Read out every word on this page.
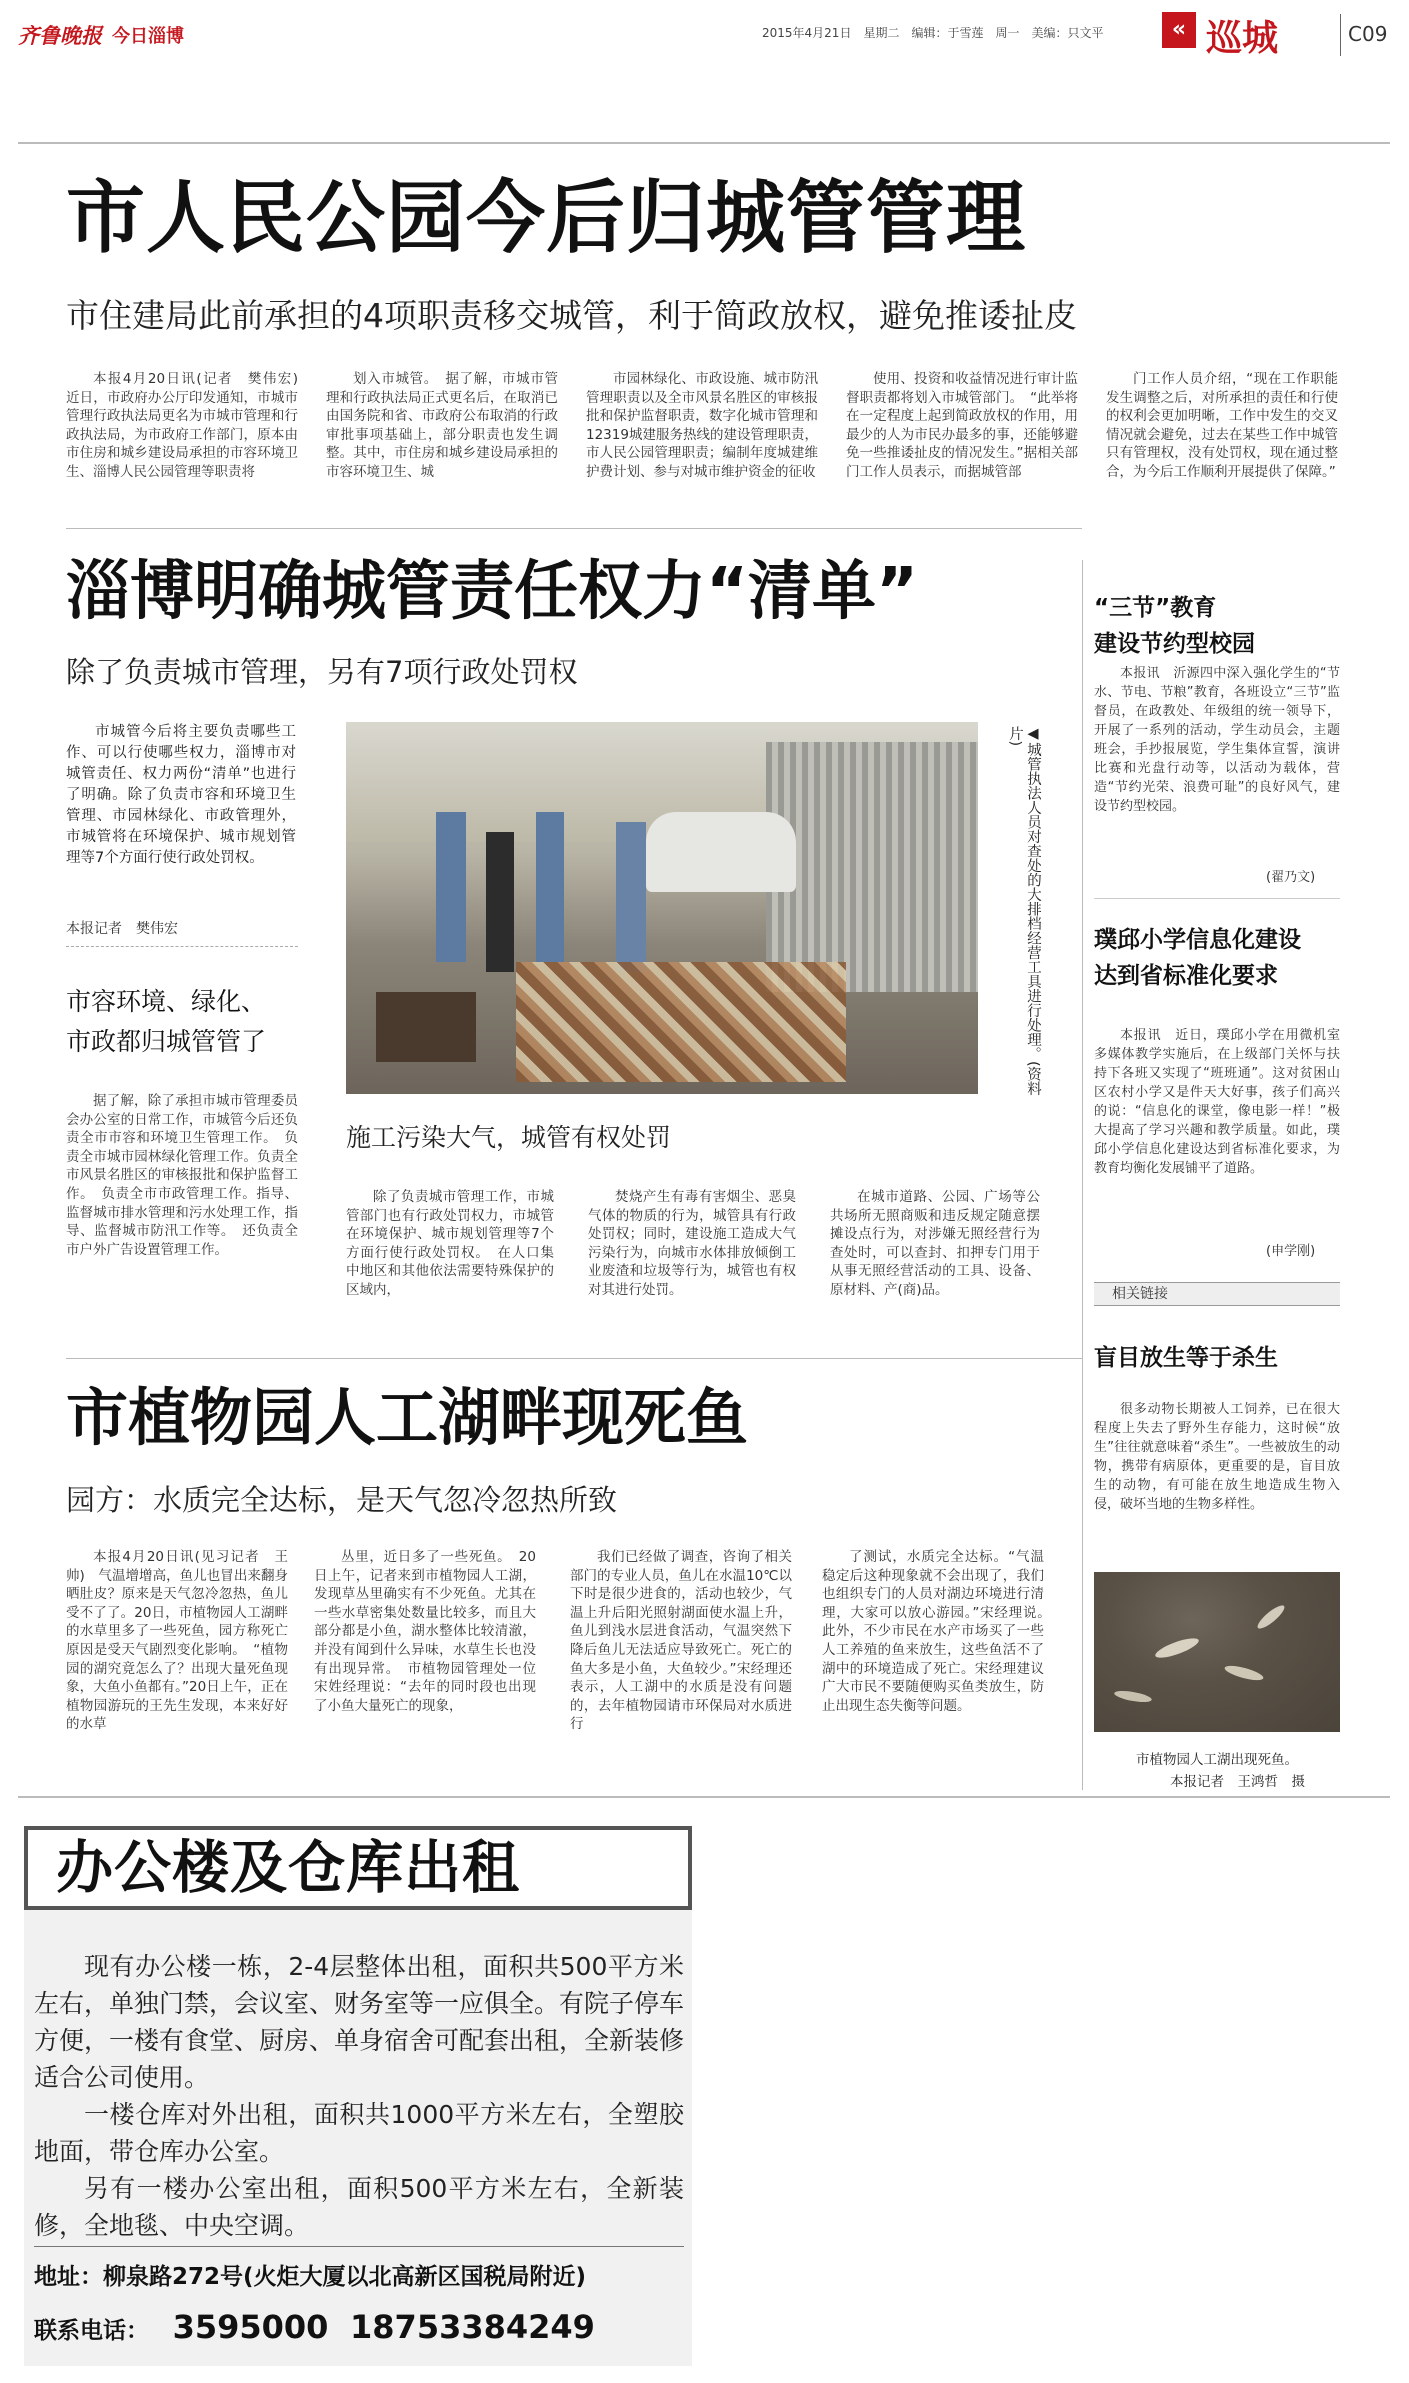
齐鲁晚报 今日淄博	2015年4月21日　星期二　编辑：于雪莲　周一　美编：只文平	« 巡城	C09
市人民公园今后归城管管理
市住建局此前承担的4项职责移交城管，利于简政放权，避免推诿扯皮

本报4月20日讯(记者　樊伟宏)　近日，市政府办公厅印发通知，市城市管理行政执法局更名为市城市管理和行政执法局，为市政府工作部门，原本由市住房和城乡建设局承担的市容环境卫生、淄博人民公园管理等职责将

划入市城管。　据了解，市城市管理和行政执法局正式更名后，在取消已由国务院和省、市政府公布取消的行政审批事项基础上，部分职责也发生调整。其中，市住房和城乡建设局承担的市容环境卫生、城

市园林绿化、市政设施、城市防汛管理职责以及全市风景名胜区的审核报批和保护监督职责，数字化城市管理和12319城建服务热线的建设管理职责，市人民公园管理职责；编制年度城建维护费计划、参与对城市维护资金的征收

使用、投资和收益情况进行审计监督职责都将划入市城管部门。　“此举将在一定程度上起到简政放权的作用，用最少的人为市民办最多的事，还能够避免一些推诿扯皮的情况发生。”据相关部门工作人员表示，而据城管部

门工作人员介绍，“现在工作职能发生调整之后，对所承担的责任和行使的权利会更加明晰，工作中发生的交叉情况就会避免，过去在某些工作中城管只有管理权，没有处罚权，现在通过整合，为今后工作顺利开展提供了保障。”

淄博明确城管责任权力“清单”
除了负责城市管理，另有7项行政处罚权

市城管今后将主要负责哪些工作、可以行使哪些权力，淄博市对城管责任、权力两份“清单”也进行了明确。除了负责市容和环境卫生管理、市园林绿化、市政管理外，市城管将在环境保护、城市规划管理等7个方面行使行政处罚权。

本报记者　樊伟宏
市容环境、绿化、
市政都归城管管了

据了解，除了承担市城市管理委员会办公室的日常工作，市城管今后还负责全市市容和环境卫生管理工作。　负责全市城市园林绿化管理工作。负责全市风景名胜区的审核报批和保护监督工作。　负责全市市政管理工作。指导、监督城市排水管理和污水处理工作，指导、监督城市防汛工作等。　还负责全市户外广告设置管理工作。

◀城管执法人员对查处的大排档经营工具进行处理。(资料片)
施工污染大气，城管有权处罚

除了负责城市管理工作，市城管部门也有行政处罚权力，市城管在环境保护、城市规划管理等7个方面行使行政处罚权。　在人口集中地区和其他依法需要特殊保护的区域内，

焚烧产生有毒有害烟尘、恶臭气体的物质的行为，城管具有行政处罚权；同时，建设施工造成大气污染行为，向城市水体排放倾倒工业废渣和垃圾等行为，城管也有权对其进行处罚。

在城市道路、公园、广场等公共场所无照商贩和违反规定随意摆摊设点行为，对涉嫌无照经营行为查处时，可以查封、扣押专门用于从事无照经营活动的工具、设备、原材料、产(商)品。

市植物园人工湖畔现死鱼
园方：水质完全达标，是天气忽冷忽热所致

本报4月20日讯(见习记者　王帅)　气温增增高，鱼儿也冒出来翻身晒肚皮？原来是天气忽冷忽热，鱼儿受不了了。20日，市植物园人工湖畔的水草里多了一些死鱼，园方称死亡原因是受天气剧烈变化影响。　“植物园的湖究竟怎么了？出现大量死鱼现象，大鱼小鱼都有。”20日上午，正在植物园游玩的王先生发现，本来好好的水草

丛里，近日多了一些死鱼。　20日上午，记者来到市植物园人工湖，发现草丛里确实有不少死鱼。尤其在一些水草密集处数量比较多，而且大部分都是小鱼，湖水整体比较清澈，并没有闻到什么异味，水草生长也没有出现异常。　市植物园管理处一位宋姓经理说：“去年的同时段也出现了小鱼大量死亡的现象，

我们已经做了调查，咨询了相关部门的专业人员，鱼儿在水温10℃以下时是很少进食的，活动也较少，气温上升后阳光照射湖面使水温上升，鱼儿到浅水层进食活动，气温突然下降后鱼儿无法适应导致死亡。死亡的鱼大多是小鱼，大鱼较少。”宋经理还表示，人工湖中的水质是没有问题的，去年植物园请市环保局对水质进行

了测试，水质完全达标。“气温稳定后这种现象就不会出现了，我们也组织专门的人员对湖边环境进行清理，大家可以放心游园。”宋经理说。　此外，不少市民在水产市场买了一些人工养殖的鱼来放生，这些鱼活不了湖中的环境造成了死亡。宋经理建议广大市民不要随便购买鱼类放生，防止出现生态失衡等问题。

“三节”教育
建设节约型校园

本报讯　沂源四中深入强化学生的“节水、节电、节粮”教育，各班设立“三节”监督员，在政教处、年级组的统一领导下，开展了一系列的活动，学生动员会，主题班会，手抄报展览，学生集体宣誓，演讲比赛和光盘行动等，以活动为载体，营造“节约光荣、浪费可耻”的良好风气，建设节约型校园。

(翟乃文)
璞邱小学信息化建设
达到省标准化要求

本报讯　近日，璞邱小学在用微机室多媒体教学实施后，在上级部门关怀与扶持下各班又实现了“班班通”。这对贫困山区农村小学又是件天大好事，孩子们高兴的说：“信息化的课堂，像电影一样！”极大提高了学习兴趣和教学质量。如此，璞邱小学信息化建设达到省标准化要求，为教育均衡化发展铺平了道路。

(申学刚)
相关链接
盲目放生等于杀生

很多动物长期被人工饲养，已在很大程度上失去了野外生存能力，这时候“放生”往往就意味着“杀生”。一些被放生的动物，携带有病原体，更重要的是，盲目放生的动物，有可能在放生地造成生物入侵，破坏当地的生物多样性。

市植物园人工湖出现死鱼。
本报记者　王鸿哲　摄
办公楼及仓库出租

现有办公楼一栋，2-4层整体出租，面积共500平方米左右，单独门禁，会议室、财务室等一应俱全。有院子停车方便，一楼有食堂、厨房、单身宿舍可配套出租，全新装修适合公司使用。

一楼仓库对外出租，面积共1000平方米左右，全塑胶地面，带仓库办公室。

另有一楼办公室出租，面积500平方米左右，全新装修，全地毯、中央空调。

地址：柳泉路272号(火炬大厦以北高新区国税局附近)
联系电话： 3595000 18753384249
